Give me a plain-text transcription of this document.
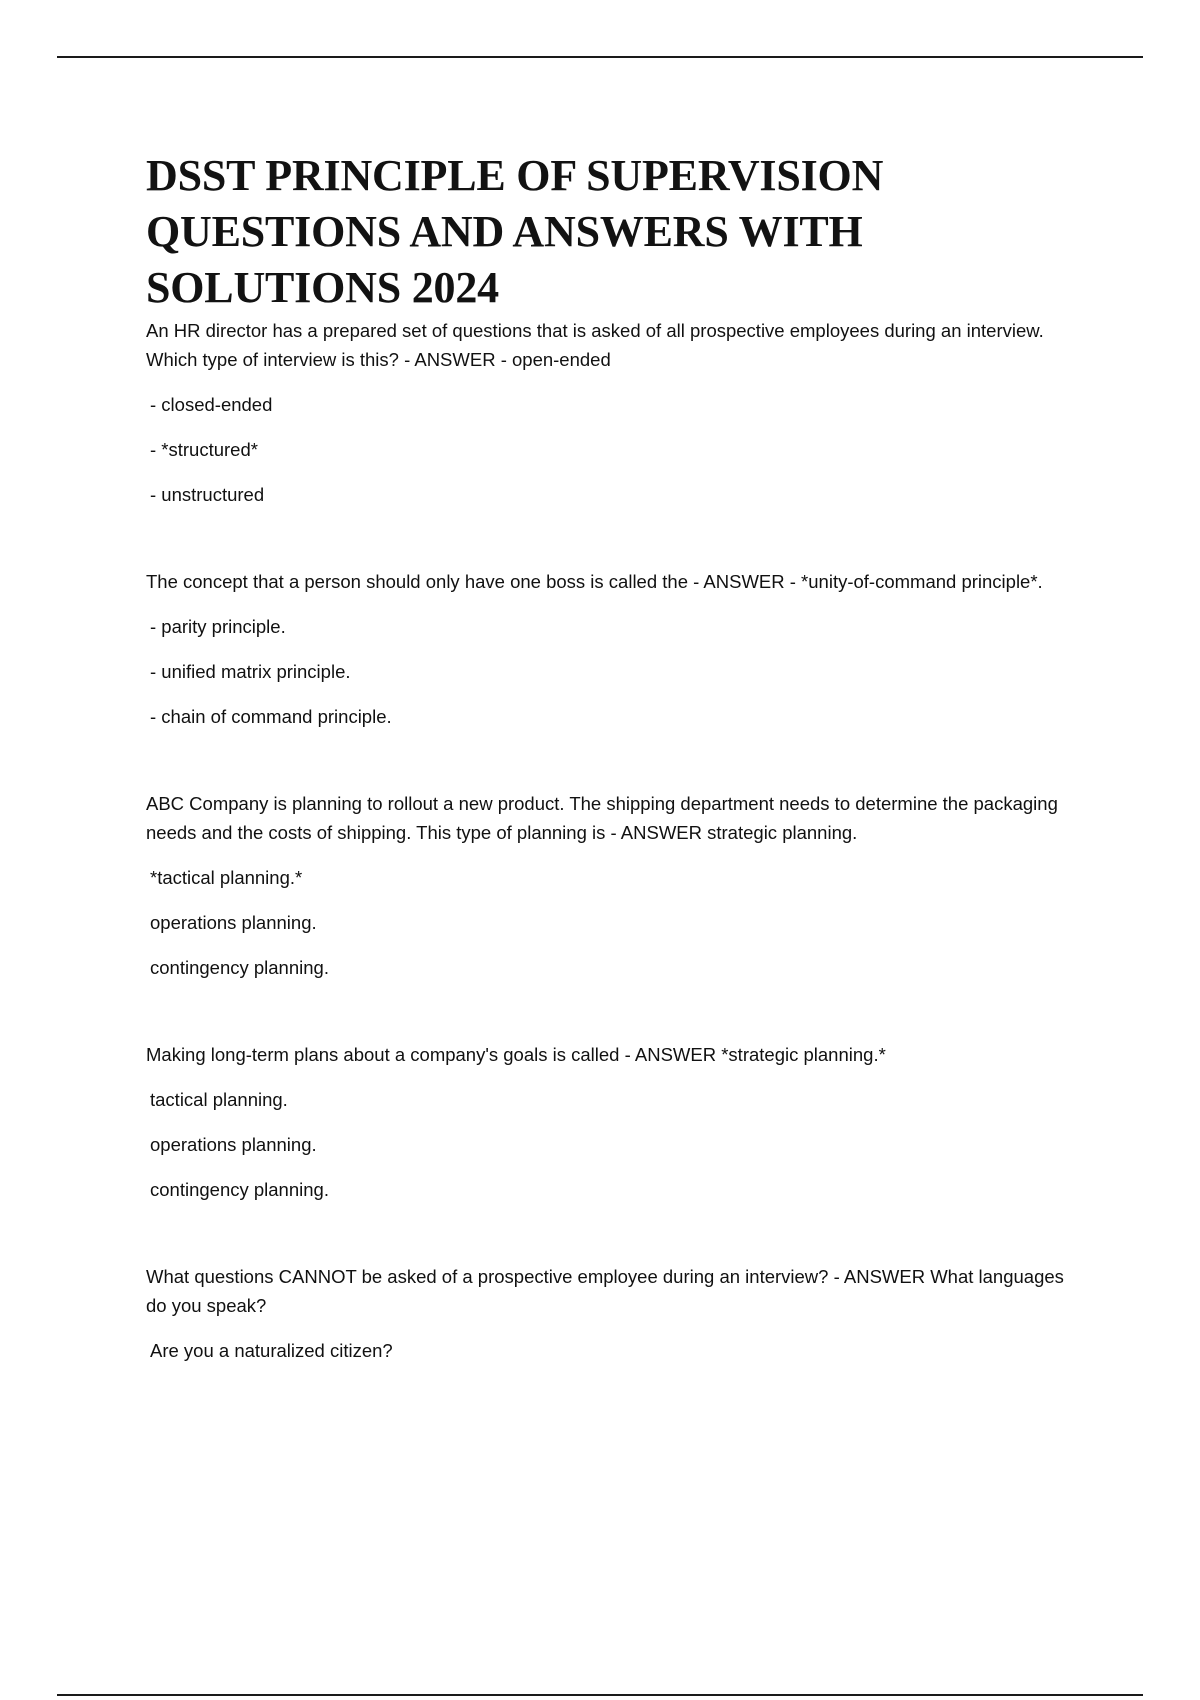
DSST PRINCIPLE OF SUPERVISION
QUESTIONS AND ANSWERS WITH
SOLUTIONS 2024

An HR director has a prepared set of questions that is asked of all prospective employees during an interview. Which type of interview is this? - ANSWER - open-ended

- closed-ended

- *structured*

- unstructured

The concept that a person should only have one boss is called the - ANSWER - *unity-of-command principle*.

- parity principle.

- unified matrix principle.

- chain of command principle.

ABC Company is planning to rollout a new product. The shipping department needs to determine the packaging needs and the costs of shipping. This type of planning is - ANSWER strategic planning.

*tactical planning.*

operations planning.

contingency planning.

Making long-term plans about a company's goals is called - ANSWER *strategic planning.*

tactical planning.

operations planning.

contingency planning.

What questions CANNOT be asked of a prospective employee during an interview? - ANSWER What languages do you speak?

Are you a naturalized citizen?
